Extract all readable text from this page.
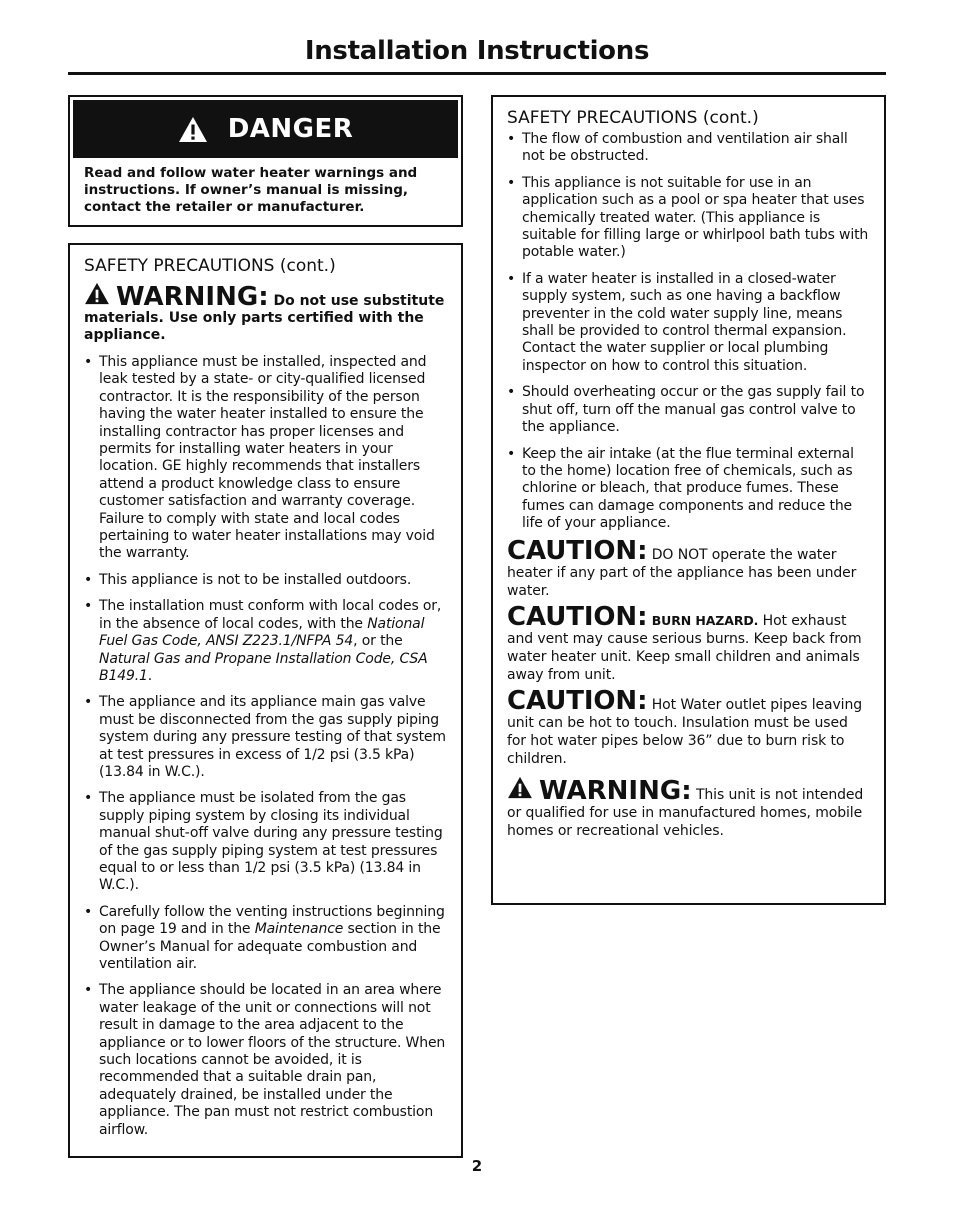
Installation Instructions
DANGER
Read and follow water heater warnings and instructions. If owner’s manual is missing, contact the retailer or manufacturer.
SAFETY PRECAUTIONS (cont.)
WARNING: Do not use substitute materials. Use only parts certified with the appliance.
• This appliance must be installed, inspected and leak tested by a state- or city-qualified licensed contractor. It is the responsibility of the person having the water heater installed to ensure the installing contractor has proper licenses and permits for installing water heaters in your location. GE highly recommends that installers attend a product knowledge class to ensure customer satisfaction and warranty coverage. Failure to comply with state and local codes pertaining to water heater installations may void the warranty.
• This appliance is not to be installed outdoors.
• The installation must conform with local codes or, in the absence of local codes, with the National Fuel Gas Code, ANSI Z223.1/NFPA 54, or the Natural Gas and Propane Installation Code, CSA B149.1.
• The appliance and its appliance main gas valve must be disconnected from the gas supply piping system during any pressure testing of that system at test pressures in excess of 1/2 psi (3.5 kPa) (13.84 in W.C.).
• The appliance must be isolated from the gas supply piping system by closing its individual manual shut-off valve during any pressure testing of the gas supply piping system at test pressures equal to or less than 1/2 psi (3.5 kPa) (13.84 in W.C.).
• Carefully follow the venting instructions beginning on page 19 and in the Maintenance section in the Owner’s Manual for adequate combustion and ventilation air.
• The appliance should be located in an area where water leakage of the unit or connections will not result in damage to the area adjacent to the appliance or to lower floors of the structure. When such locations cannot be avoided, it is recommended that a suitable drain pan, adequately drained, be installed under the appliance. The pan must not restrict combustion airflow.
SAFETY PRECAUTIONS (cont.)
• The flow of combustion and ventilation air shall not be obstructed.
• This appliance is not suitable for use in an application such as a pool or spa heater that uses chemically treated water. (This appliance is suitable for filling large or whirlpool bath tubs with potable water.)
• If a water heater is installed in a closed-water supply system, such as one having a backflow preventer in the cold water supply line, means shall be provided to control thermal expansion. Contact the water supplier or local plumbing inspector on how to control this situation.
• Should overheating occur or the gas supply fail to shut off, turn off the manual gas control valve to the appliance.
• Keep the air intake (at the flue terminal external to the home) location free of chemicals, such as chlorine or bleach, that produce fumes. These fumes can damage components and reduce the life of your appliance.
CAUTION: DO NOT operate the water heater if any part of the appliance has been under water.
CAUTION: BURN HAZARD. Hot exhaust and vent may cause serious burns. Keep back from water heater unit. Keep small children and animals away from unit.
CAUTION: Hot Water outlet pipes leaving unit can be hot to touch. Insulation must be used for hot water pipes below 36” due to burn risk to children.
WARNING: This unit is not intended or qualified for use in manufactured homes, mobile homes or recreational vehicles.
2
